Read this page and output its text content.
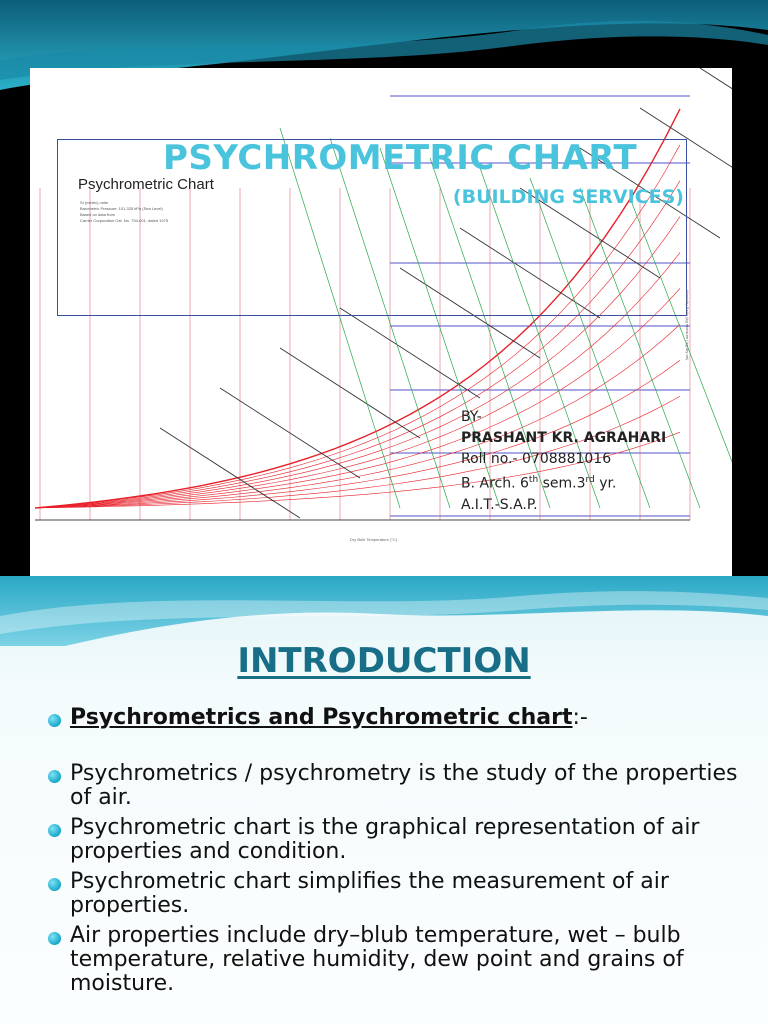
Psychrometric Chart
SI (metric) units
Barometric Pressure: 101.325 kPa (Sea Level)
Based on data from
Carrier Corporation Cat. No. 794-001, dated 1975
PSYCHROMETRIC CHART
(BUILDING SERVICES)
Dry Bulb Temperature (°C)
Humidity Ratio (kg moisture / kg dry air)
BY-
PRASHANT KR. AGRAHARI
Roll no.- 0708881016
B. Arch. 6th sem.3rd yr.
A.I.T.-S.A.P.
INTRODUCTION
Psychrometrics and Psychrometric chart:-
Psychrometrics / psychrometry is the study of the properties of air.
Psychrometric chart is the graphical representation of air properties and condition.
Psychrometric chart simplifies the measurement of air properties.
Air properties include dry–blub temperature, wet – bulb temperature, relative humidity, dew point and grains of moisture.
